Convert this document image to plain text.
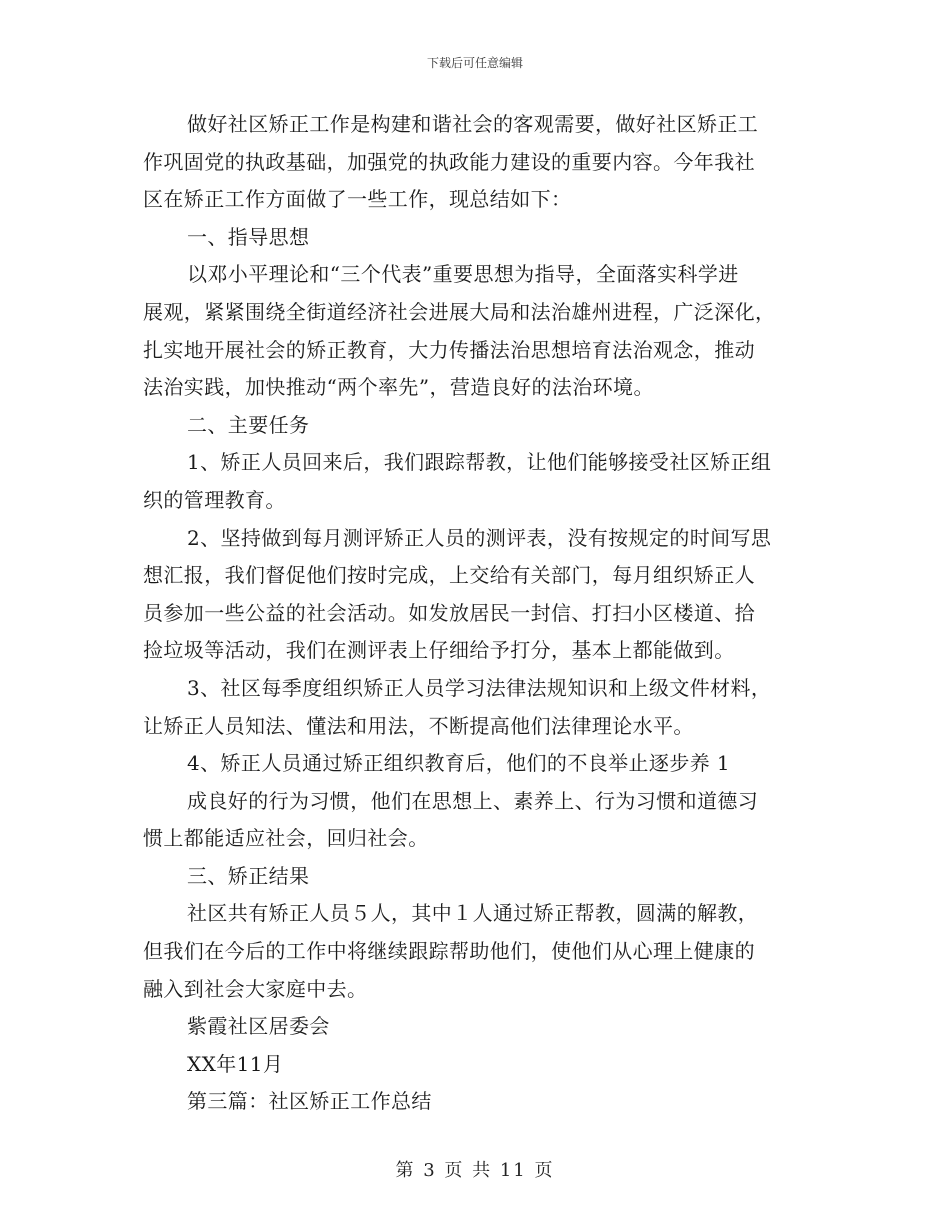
下载后可任意编辑
做好社区矫正工作是构建和谐社会的客观需要，做好社区矫正工
作巩固党的执政基础，加强党的执政能力建设的重要内容。今年我社
区在矫正工作方面做了一些工作，现总结如下：
一、指导思想
以邓小平理论和“三个代表”重要思想为指导，全面落实科学进
展观，紧紧围绕全街道经济社会进展大局和法治雄州进程，广泛深化，
扎实地开展社会的矫正教育，大力传播法治思想培育法治观念，推动
法治实践，加快推动“两个率先”，营造良好的法治环境。
二、主要任务
1、矫正人员回来后，我们跟踪帮教，让他们能够接受社区矫正组
织的管理教育。
2、坚持做到每月测评矫正人员的测评表，没有按规定的时间写思
想汇报，我们督促他们按时完成，上交给有关部门，每月组织矫正人
员参加一些公益的社会活动。如发放居民一封信、打扫小区楼道、拾
捡垃圾等活动，我们在测评表上仔细给予打分，基本上都能做到。
3、社区每季度组织矫正人员学习法律法规知识和上级文件材料，
让矫正人员知法、懂法和用法，不断提高他们法律理论水平。
4、矫正人员通过矫正组织教育后，他们的不良举止逐步养 1
成良好的行为习惯，他们在思想上、素养上、行为习惯和道德习
惯上都能适应社会，回归社会。
三、矫正结果
社区共有矫正人员５人，其中１人通过矫正帮教，圆满的解教，
但我们在今后的工作中将继续跟踪帮助他们，使他们从心理上健康的
融入到社会大家庭中去。
紫霞社区居委会
XX年11月
第三篇：社区矫正工作总结
第 3 页 共 11 页
